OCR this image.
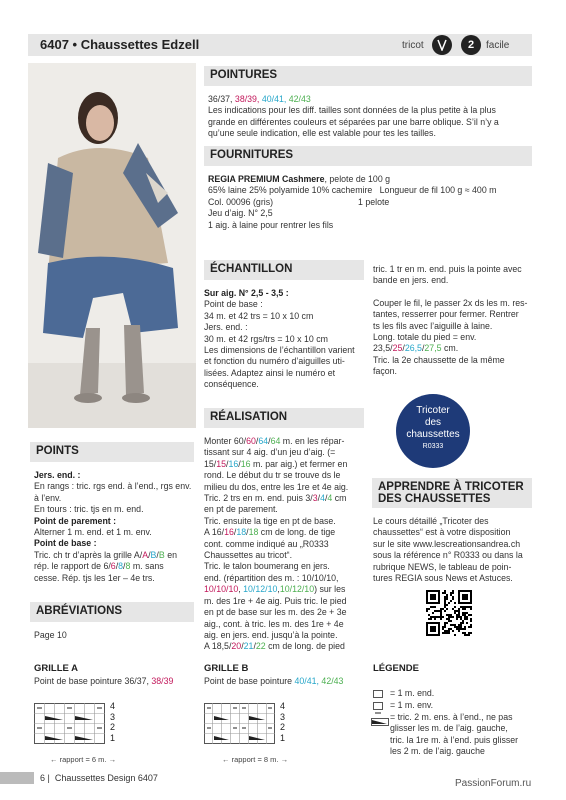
6407 • Chaussettes Edzell	tricot	2 facile
POINTURES
36/37, 38/39, 40/41, 42/43
Les indications pour les diff. tailles sont données de la plus petite à la plus
grande en différentes couleurs et séparées par une barre oblique. S’il n’y a
qu’une seule indication, elle est valable pour tes les tailles.
FOURNITURES
REGIA PREMIUM Cashmere, pelote de 100 g
65% laine 25% polyamide 10% cachemire Longueur de fil 100 g ≈ 400 m
Col. 00096 (gris)	1 pelote
Jeu d’aig. N° 2,5
1 aig. à laine pour rentrer les fils
ÉCHANTILLON
Sur aig. N° 2,5 - 3,5 :
Point de base :
34 m. et 42 trs = 10 x 10 cm
Jers. end. :
30 m. et 42 rgs/trs = 10 x 10 cm
Les dimensions de l’échantillon varient
et fonction du numéro d’aiguilles uti-
lisées. Adaptez ainsi le numéro et
conséquence.
RÉALISATION
Monter 60/60/64/64 m. en les répar-
tissant sur 4 aig. d’un jeu d’aig. (=
15/15/16/16 m. par aig.) et fermer en
rond. Le début du tr se trouve ds le
milieu du dos, entre les 1re et 4e aig.
Tric. 2 trs en m. end. puis 3/3/4/4 cm
en pt de parement.
Tric. ensuite la tige en pt de base.
A 16/16/18/18 cm de long. de tige
cont. comme indiqué au „R0333
Chaussettes au tricot“.
Tric. le talon boumerang en jers.
end. (répartition des m. : 10/10/10,
10/10/10, 10/12/10,10/12/10) sur les
m. des 1re + 4e aig. Puis tric. le pied
en pt de base sur les m. des 2e + 3e
aig., cont. à tric. les m. des 1re + 4e
aig. en jers. end. jusqu’à la pointe.
A 18,5/20/21/22 cm de long. de pied
tric. 1 tr en m. end. puis la pointe avec
bande en jers. end.
Couper le fil, le passer 2x ds les m. res-
tantes, resserrer pour fermer. Rentrer
ts les fils avec l’aiguille à laine.
Long. totale du pied = env.
23,5/25/26,5/27,5 cm.
Tric. la 2e chaussette de la même
façon.
Tricoter
des
chaussettes
R0333
APPRENDRE À TRICOTER
DES CHAUSSETTES
Le cours détaillé „Tricoter des
chaussettes“ est à votre disposition
sur le site www.lescreationsandrea.ch
sous la référence n° R0333 ou dans la
rubrique NEWS, le tableau de poin-
tures REGIA sous News et Astuces.
POINTS
Jers. end. :
En rangs : tric. rgs end. à l’end., rgs env.
à l’env.
En tours : tric. tjs en m. end.
Point de parement :
Alterner 1 m. end. et 1 m. env.
Point de base :
Tric. ch tr d’après la grille A/A/B/B en
rép. le rapport de 6/6/8/8 m. sans
cesse. Rép. tjs les 1er – 4e trs.
ABRÉVIATIONS
Page 10
GRILLE A
Point de base pointure 36/37, 38/39
4
3
2
1
← rapport = 6 m. →
GRILLE B
Point de base pointure 40/41, 42/43
4
3
2
1
← rapport = 8 m. →
LÉGENDE
= 1 m. end.
= 1 m. env.
= tric. 2 m. ens. à l’end., ne pas
glisser les m. de l’aig. gauche,
tric. la 1re m. à l’end. puis glisser
les 2 m. de l’aig. gauche
6 | Chaussettes Design 6407	PassionForum.ru
